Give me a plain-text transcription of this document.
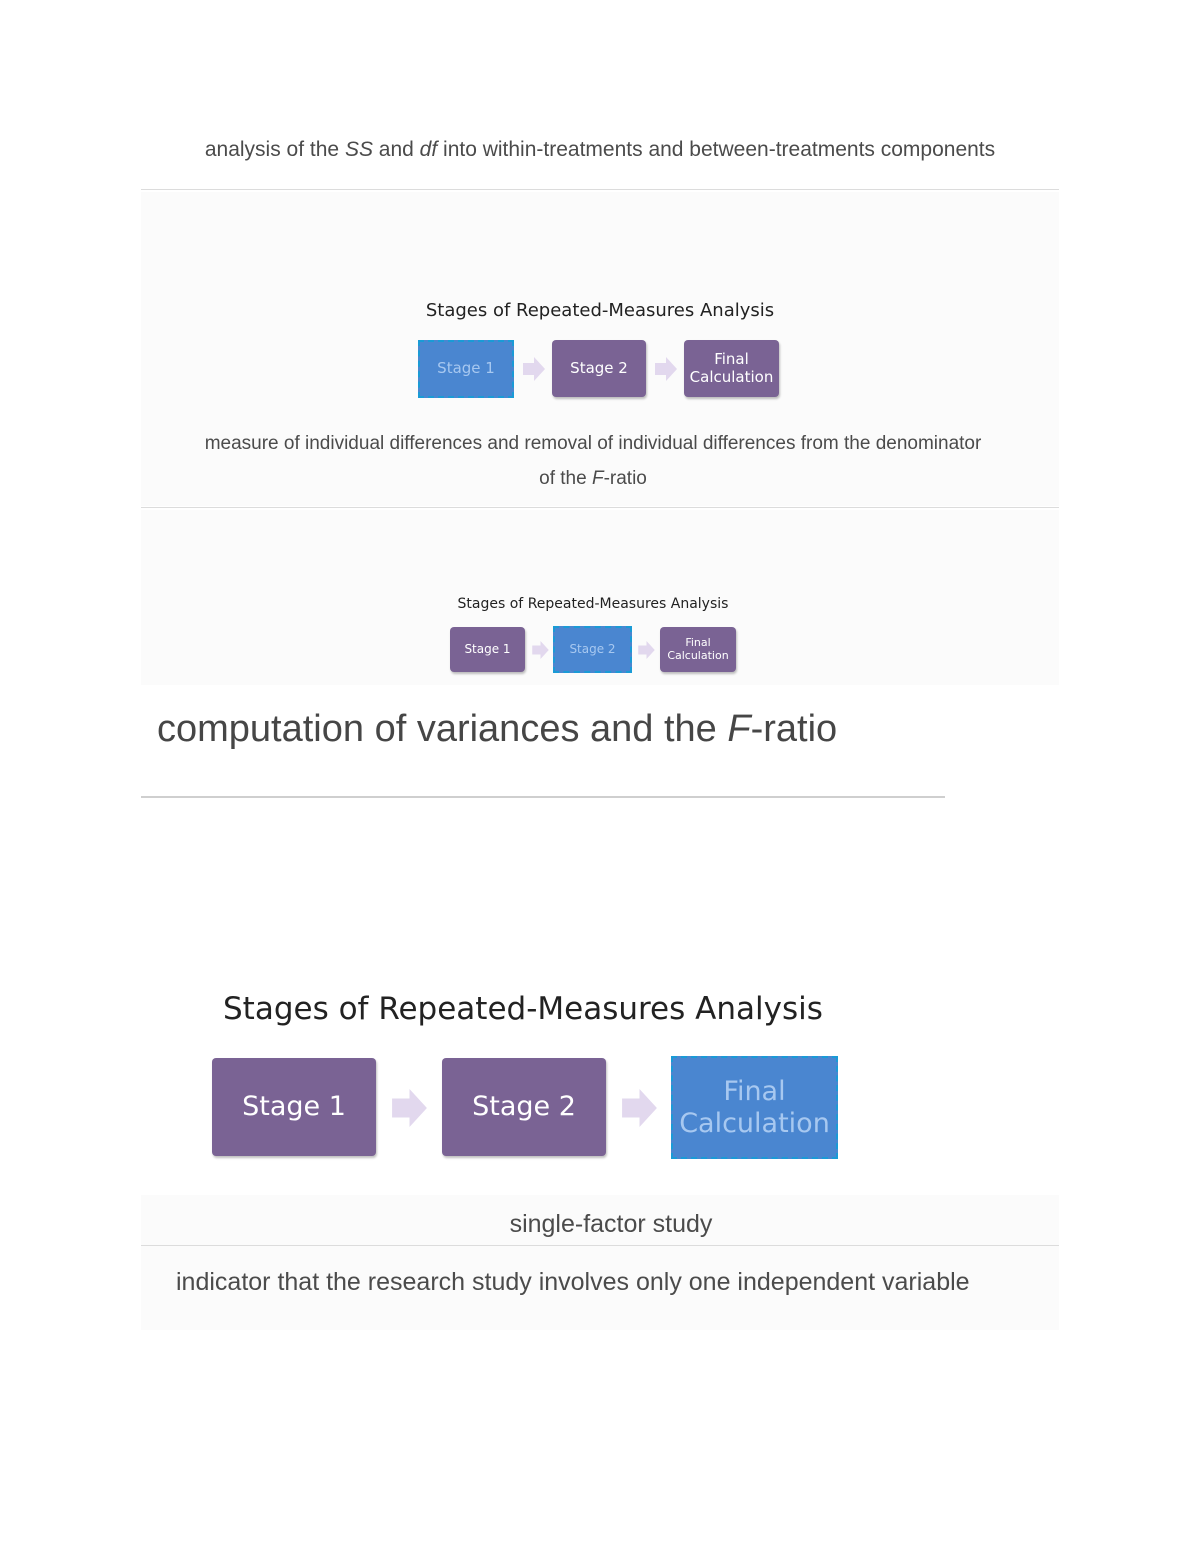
analysis of the SS and df into within-treatments and between-treatments components
Stages of Repeated-Measures Analysis
Stage 1	Stage 2	Final
Calculation
measure of individual differences and removal of individual differences from the denominator
of the F-ratio
Stages of Repeated-Measures Analysis
Stage 1	Stage 2	Final
Calculation
computation of variances and the F-ratio
Stages of Repeated-Measures Analysis
Stage 1	Stage 2	Final
Calculation
single-factor study
indicator that the research study involves only one independent variable
